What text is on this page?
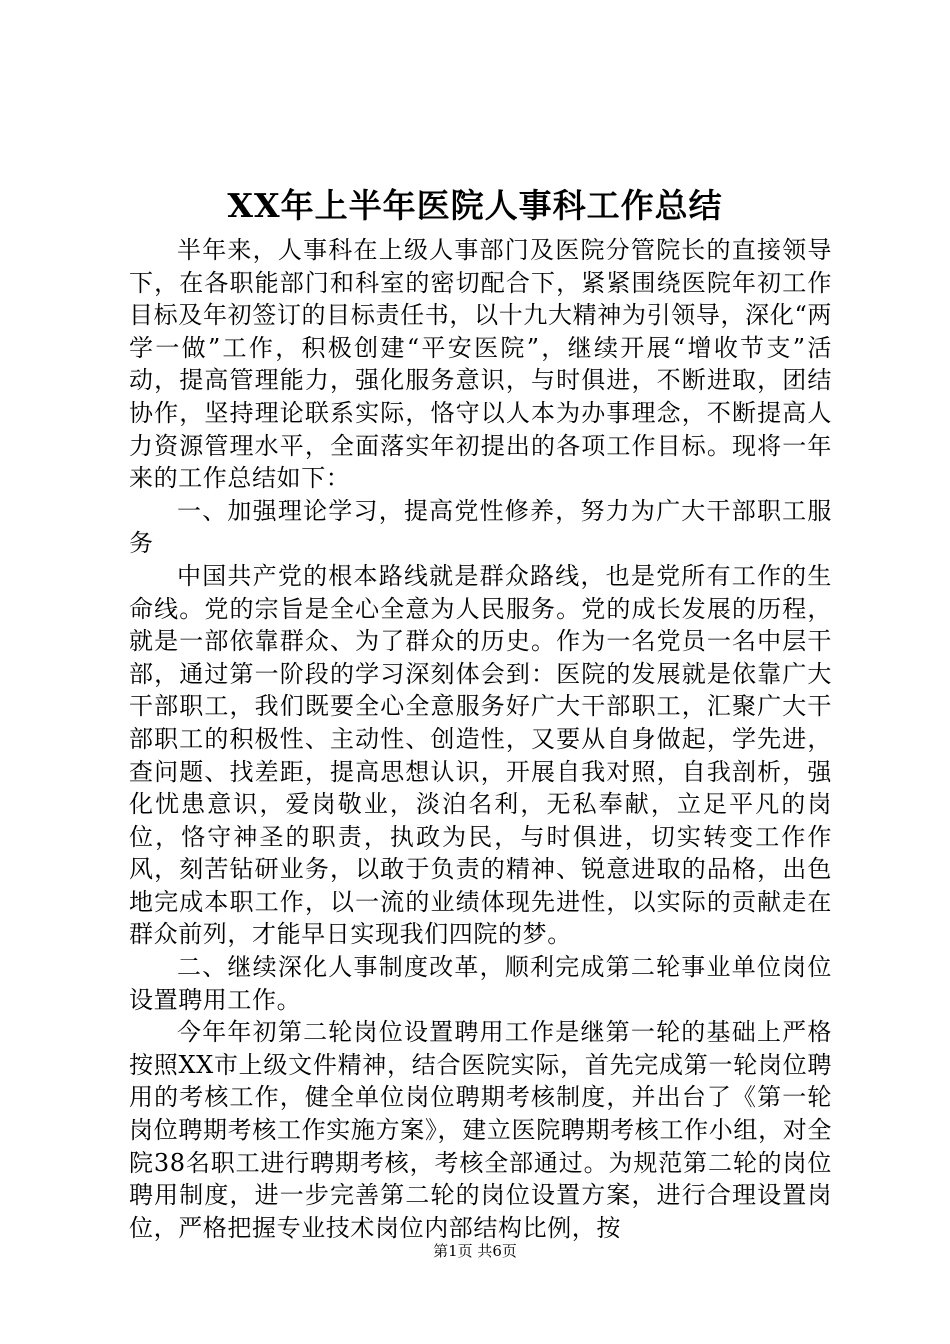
XX年上半年医院人事科工作总结

半年来，人事科在上级人事部门及医院分管院长的直接领导下，在各职能部门和科室的密切配合下，紧紧围绕医院年初工作目标及年初签订的目标责任书，以十九大精神为引领导，深化“两学一做”工作，积极创建“平安医院”，继续开展“增收节支”活动，提高管理能力，强化服务意识，与时俱进，不断进取，团结协作，坚持理论联系实际，恪守以人本为办事理念，不断提高人力资源管理水平，全面落实年初提出的各项工作目标。现将一年来的工作总结如下：

一、加强理论学习，提高党性修养，努力为广大干部职工服务

中国共产党的根本路线就是群众路线，也是党所有工作的生命线。党的宗旨是全心全意为人民服务。党的成长发展的历程，就是一部依靠群众、为了群众的历史。作为一名党员一名中层干部，通过第一阶段的学习深刻体会到：医院的发展就是依靠广大干部职工，我们既要全心全意服务好广大干部职工，汇聚广大干部职工的积极性、主动性、创造性，又要从自身做起，学先进，查问题、找差距，提高思想认识，开展自我对照，自我剖析，强化忧患意识，爱岗敬业，淡泊名利，无私奉献，立足平凡的岗位，恪守神圣的职责，执政为民，与时俱进，切实转变工作作风，刻苦钻研业务，以敢于负责的精神、锐意进取的品格，出色地完成本职工作，以一流的业绩体现先进性，以实际的贡献走在群众前列，才能早日实现我们四院的梦。

二、继续深化人事制度改革，顺利完成第二轮事业单位岗位设置聘用工作。

今年年初第二轮岗位设置聘用工作是继第一轮的基础上严格按照XX市上级文件精神，结合医院实际，首先完成第一轮岗位聘用的考核工作，健全单位岗位聘期考核制度，并出台了《第一轮岗位聘期考核工作实施方案》，建立医院聘期考核工作小组，对全院38名职工进行聘期考核，考核全部通过。为规范第二轮的岗位聘用制度，进一步完善第二轮的岗位设置方案，进行合理设置岗位，严格把握专业技术岗位内部结构比例，按

第1页 共6页
